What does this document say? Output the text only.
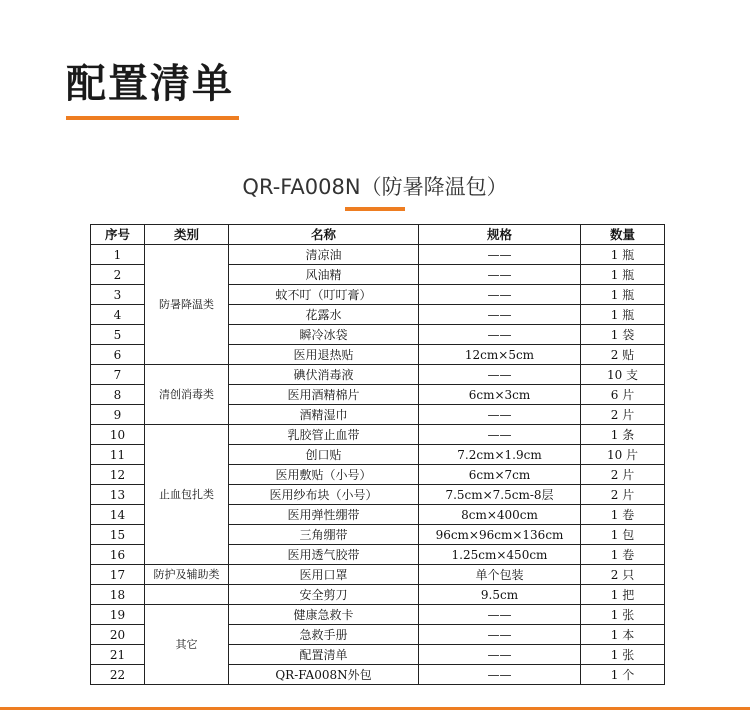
配置清单
QR-FA008N（防暑降温包）
序号	类别	名称	规格	数量
1	防暑降温类	清凉油	——	1 瓶
2		风油精	——	1 瓶
3		蚊不叮（叮叮膏）	——	1 瓶
4		花露水	——	1 瓶
5		瞬冷冰袋	——	1 袋
6		医用退热贴	12cm×5cm	2 贴
7	清创消毒类	碘伏消毒液	——	10 支
8		医用酒精棉片	6cm×3cm	6 片
9		酒精湿巾	——	2 片
10	止血包扎类	乳胶管止血带	——	1 条
11		创口贴	7.2cm×1.9cm	10 片
12		医用敷贴（小号）	6cm×7cm	2 片
13		医用纱布块（小号）	7.5cm×7.5cm-8层	2 片
14		医用弹性绷带	8cm×400cm	1 卷
15		三角绷带	96cm×96cm×136cm	1 包
16		医用透气胶带	1.25cm×450cm	1 卷
17	防护及辅助类	医用口罩	单个包装	2 只
18		安全剪刀	9.5cm	1 把
19	其它	健康急救卡	——	1 张
20		急救手册	——	1 本
21		配置清单	——	1 张
22		QR-FA008N外包	——	1 个
